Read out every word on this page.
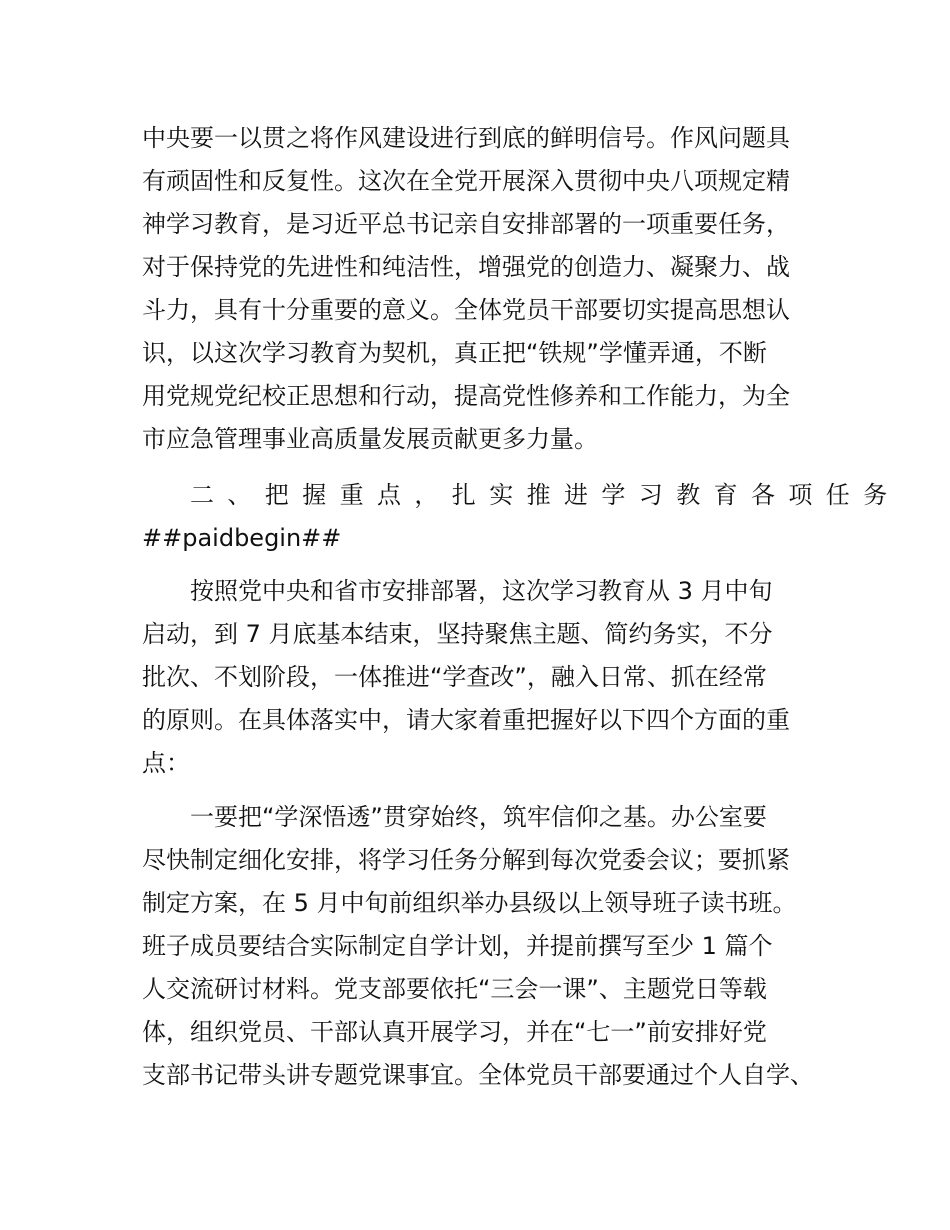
中央要一以贯之将作风建设进行到底的鲜明信号。作风问题具
有顽固性和反复性。这次在全党开展深入贯彻中央八项规定精
神学习教育，是习近平总书记亲自安排部署的一项重要任务，
对于保持党的先进性和纯洁性，增强党的创造力、凝聚力、战
斗力，具有十分重要的意义。全体党员干部要切实提高思想认
识，以这次学习教育为契机，真正把“铁规”学懂弄通，不断
用党规党纪校正思想和行动，提高党性修养和工作能力，为全
市应急管理事业高质量发展贡献更多力量。
二、把握重点，扎实推进学习教育各项任务
##paidbegin##
按照党中央和省市安排部署，这次学习教育从 3 月中旬
启动，到 7 月底基本结束，坚持聚焦主题、简约务实，不分
批次、不划阶段，一体推进“学查改”，融入日常、抓在经常
的原则。在具体落实中，请大家着重把握好以下四个方面的重
点：
一要把“学深悟透”贯穿始终，筑牢信仰之基。办公室要
尽快制定细化安排，将学习任务分解到每次党委会议；要抓紧
制定方案，在 5 月中旬前组织举办县级以上领导班子读书班。
班子成员要结合实际制定自学计划，并提前撰写至少 1 篇个
人交流研讨材料。党支部要依托“三会一课”、主题党日等载
体，组织党员、干部认真开展学习，并在“七一”前安排好党
支部书记带头讲专题党课事宜。全体党员干部要通过个人自学、
